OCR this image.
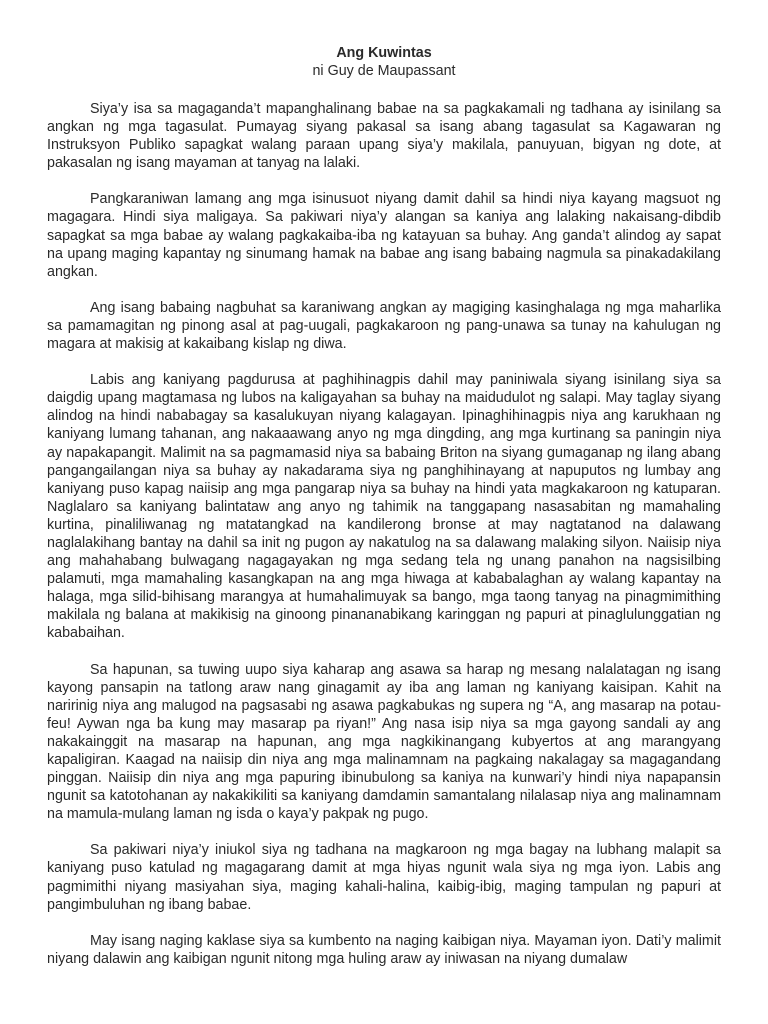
Ang Kuwintas

ni Guy de Maupassant

Siya’y isa sa magaganda’t mapanghalinang babae na sa pagkakamali ng tadhana ay isinilang sa angkan ng mga tagasulat. Pumayag siyang pakasal sa isang abang tagasulat sa Kagawaran ng Instruksyon Publiko sapagkat walang paraan upang siya’y makilala, panuyuan, bigyan ng dote, at pakasalan ng isang mayaman at tanyag na lalaki.

Pangkaraniwan lamang ang mga isinusuot niyang damit dahil sa hindi niya kayang magsuot ng magagara. Hindi siya maligaya. Sa pakiwari niya’y alangan sa kaniya ang lalaking nakaisang-dibdib sapagkat sa mga babae ay walang pagkakaiba-iba ng katayuan sa buhay. Ang ganda’t alindog ay sapat na upang maging kapantay ng sinumang hamak na babae ang isang babaing nagmula sa pinakadakilang angkan.

Ang isang babaing nagbuhat sa karaniwang angkan ay magiging kasinghalaga ng mga maharlika sa pamamagitan ng pinong asal at pag-uugali, pagkakaroon ng pang-unawa sa tunay na kahulugan ng magara at makisig at kakaibang kislap ng diwa.

Labis ang kaniyang pagdurusa at paghihinagpis dahil may paniniwala siyang isinilang siya sa daigdig upang magtamasa ng lubos na kaligayahan sa buhay na maidudulot ng salapi. May taglay siyang alindog na hindi nababagay sa kasalukuyan niyang kalagayan. Ipinaghihinagpis niya ang karukhaan ng kaniyang lumang tahanan, ang nakaaawang anyo ng mga dingding, ang mga kurtinang sa paningin niya ay napakapangit. Malimit na sa pagmamasid niya sa babaing Briton na siyang gumaganap ng ilang abang pangangailangan niya sa buhay ay nakadarama siya ng panghihinayang at napuputos ng lumbay ang kaniyang puso kapag naiisip ang mga pangarap niya sa buhay na hindi yata magkakaroon ng katuparan. Naglalaro sa kaniyang balintataw ang anyo ng tahimik na tanggapang nasasabitan ng mamahaling kurtina, pinaliliwanag ng matatangkad na kandilerong bronse at may nagtatanod na dalawang naglalakihang bantay na dahil sa init ng pugon ay nakatulog na sa dalawang malaking silyon. Naiisip niya ang mahahabang bulwagang nagagayakan ng mga sedang tela ng unang panahon na nagsisilbing palamuti, mga mamahaling kasangkapan na ang mga hiwaga at kababalaghan ay walang kapantay na halaga, mga silid-bihisang marangya at humahalimuyak sa bango, mga taong tanyag na pinagmimithing makilala ng balana at makikisig na ginoong pinananabikang karinggan ng papuri at pinaglulunggatian ng kababaihan.

Sa hapunan, sa tuwing uupo siya kaharap ang asawa sa harap ng mesang nalalatagan ng isang kayong pansapin na tatlong araw nang ginagamit ay iba ang laman ng kaniyang kaisipan. Kahit na naririnig niya ang malugod na pagsasabi ng asawa pagkabukas ng supera ng “A, ang masarap na potau-feu! Aywan nga ba kung may masarap pa riyan!” Ang nasa isip niya sa mga gayong sandali ay ang nakakainggit na masarap na hapunan, ang mga nagkikinangang kubyertos at ang marangyang kapaligiran. Kaagad na naiisip din niya ang mga malinamnam na pagkaing nakalagay sa magagandang pinggan. Naiisip din niya ang mga papuring ibinubulong sa kaniya na kunwari’y hindi niya napapansin ngunit sa katotohanan ay nakakikiliti sa kaniyang damdamin samantalang nilalasap niya ang malinamnam na mamula-mulang laman ng isda o kaya’y pakpak ng pugo.

Sa pakiwari niya’y iniukol siya ng tadhana na magkaroon ng mga bagay na lubhang malapit sa kaniyang puso katulad ng magagarang damit at mga hiyas ngunit wala siya ng mga iyon. Labis ang pagmimithi niyang masiyahan siya, maging kahali-halina, kaibig-ibig, maging tampulan ng papuri at pangimbuluhan ng ibang babae.

May isang naging kaklase siya sa kumbento na naging kaibigan niya. Mayaman iyon. Dati’y malimit niyang dalawin ang kaibigan ngunit nitong mga huling araw ay iniwasan na niyang dumalaw
